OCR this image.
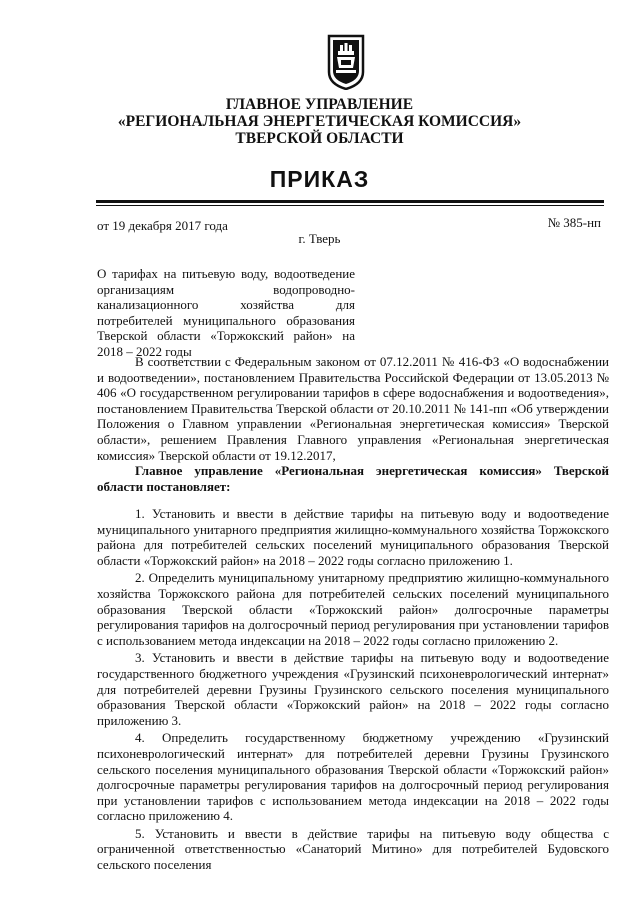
ГЛАВНОЕ УПРАВЛЕНИЕ
«РЕГИОНАЛЬНАЯ ЭНЕРГЕТИЧЕСКАЯ КОМИССИЯ»
ТВЕРСКОЙ ОБЛАСТИ
ПРИКАЗ
от 19 декабря 2017 года	№ 385-нп
г. Тверь
О тарифах на питьевую воду, водоотведение организациям водопроводно-канализационного хозяйства для потребителей муниципального образования Тверской области «Торжокский район» на 2018 – 2022 годы
В соответствии с Федеральным законом от 07.12.2011 № 416-ФЗ «О водоснабжении и водоотведении», постановлением Правительства Российской Федерации от 13.05.2013 № 406 «О государственном регулировании тарифов в сфере водоснабжения и водоотведения», постановлением Правительства Тверской области от 20.10.2011 № 141-пп «Об утверждении Положения о Главном управлении «Региональная энергетическая комиссия» Тверской области», решением Правления Главного управления «Региональная энергетическая комиссия» Тверской области от 19.12.2017,
Главное управление «Региональная энергетическая комиссия» Тверской области постановляет:

1. Установить и ввести в действие тарифы на питьевую воду и водоотведение муниципального унитарного предприятия жилищно-коммунального хозяйства Торжокского района для потребителей сельских поселений муниципального образования Тверской области «Торжокский район» на 2018 – 2022 годы согласно приложению 1.

2. Определить муниципальному унитарному предприятию жилищно-коммунального хозяйства Торжокского района для потребителей сельских поселений муниципального образования Тверской области «Торжокский район» долгосрочные параметры регулирования тарифов на долгосрочный период регулирования при установлении тарифов с использованием метода индексации на 2018 – 2022 годы согласно приложению 2.

3. Установить и ввести в действие тарифы на питьевую воду и водоотведение государственного бюджетного учреждения «Грузинский психоневрологический интернат» для потребителей деревни Грузины Грузинского сельского поселения муниципального образования Тверской области «Торжокский район» на 2018 – 2022 годы согласно приложению 3.

4. Определить государственному бюджетному учреждению «Грузинский психоневрологический интернат» для потребителей деревни Грузины Грузинского сельского поселения муниципального образования Тверской области «Торжокский район» долгосрочные параметры регулирования тарифов на долгосрочный период регулирования при установлении тарифов с использованием метода индексации на 2018 – 2022 годы согласно приложению 4.

5. Установить и ввести в действие тарифы на питьевую воду общества с ограниченной ответственностью «Санаторий Митино» для потребителей Будовского сельского поселения
